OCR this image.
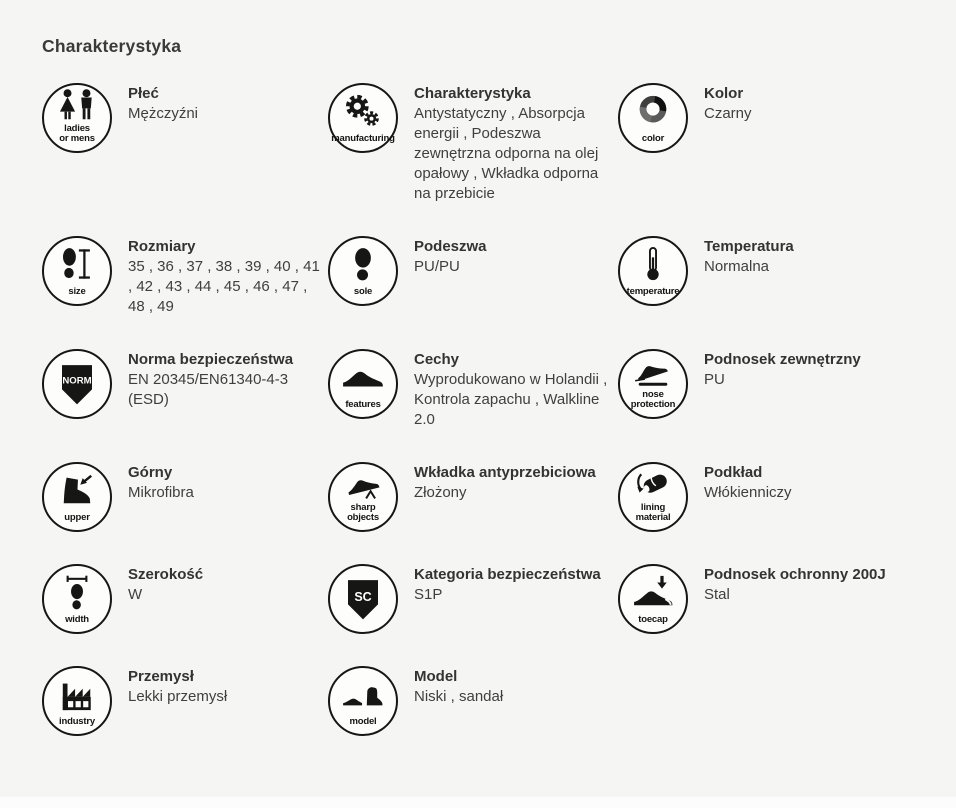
Charakterystyka
ladies
or mens
Płeć
Mężczyźni
manufacturing
Charakterystyka
Antystatyczny , Absorpcja energii , Podeszwa zewnętrzna odporna na olej opałowy , Wkładka odporna na przebicie
color
Kolor
Czarny
size
Rozmiary
35 , 36 , 37 , 38 , 39 , 40 , 41 , 42 , 43 , 44 , 45 , 46 , 47 , 48 , 49
sole
Podeszwa
PU/PU
temperature
Temperatura
Normalna
NORM
Norma bezpieczeństwa
EN 20345/EN61340-4-3 (ESD)	features
Cechy
Wyprodukowano w Holandii , Kontrola zapachu , Walkline 2.0
nose
protection
Podnosek zewnętrzny
PU
upper
Górny
Mikrofibra
sharp
objects
Wkładka antyprzebiciowa
Złożony
lining
material
Podkład
Włókienniczy
width
Szerokość
W	SC
Kategoria bezpieczeństwa
S1P
toecap
Podnosek ochronny 200J
Stal
industry
Przemysł
Lekki przemysł
model
Model
Niski , sandał
